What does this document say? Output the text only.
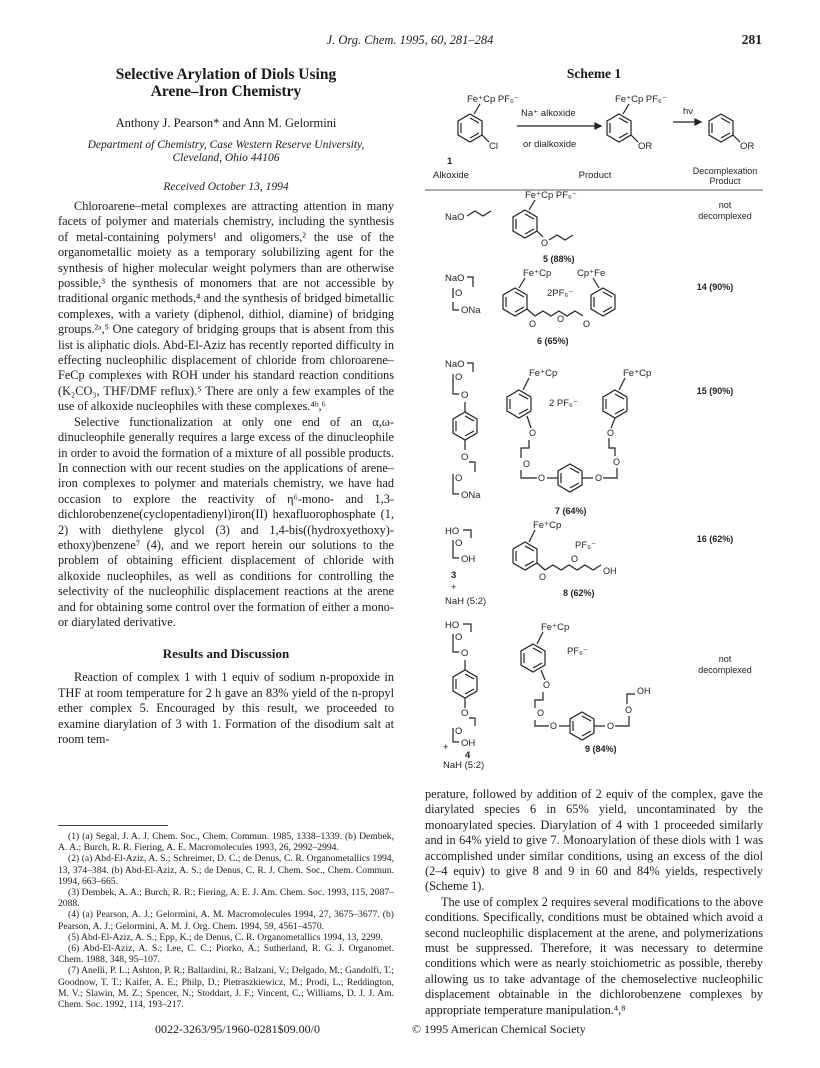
J. Org. Chem. 1995, 60, 281–284	281

Selective Arylation of Diols Using
Arene–Iron Chemistry

Anthony J. Pearson* and Ann M. Gelormini

Department of Chemistry, Case Western Reserve University,
Cleveland, Ohio 44106

Received October 13, 1994

Chloroarene–metal complexes are attracting attention in many facets of polymer and materials chemistry, including the synthesis of metal-containing polymers¹ and oligomers,² the use of the organometallic moiety as a temporary solubilizing agent for the synthesis of higher molecular weight polymers than are otherwise possible,³ the synthesis of monomers that are not accessible by traditional organic methods,⁴ and the synthesis of bridged bimetallic complexes, with a variety (diphenol, dithiol, diamine) of bridging groups.²ᵃ,⁵ One category of bridging groups that is absent from this list is aliphatic diols. Abd-El-Aziz has recently reported difficulty in effecting nucleophilic displacement of chloride from chloroarene–FeCp complexes with ROH under his standard reaction conditions (K₂CO₃, THF/DMF reflux).⁵ There are only a few examples of the use of alkoxide nucleophiles with these complexes.⁴ᵇ,⁶

Selective functionalization at only one end of an α,ω-dinucleophile generally requires a large excess of the dinucleophile in order to avoid the formation of a mixture of all possible products. In connection with our recent studies on the applications of arene–iron complexes to polymer and materials chemistry, we have had occasion to explore the reactivity of η⁶-mono- and 1,3-dichlorobenzene(cyclopentadienyl)iron(II) hexafluorophosphate (1, 2) with diethylene glycol (3) and 1,4-bis((hydroxyethoxy)-ethoxy)benzene⁷ (4), and we report herein our solutions to the problem of obtaining efficient displacement of chloride with alkoxide nucleophiles, as well as conditions for controlling the selectivity of the nucleophilic displacement reactions at the arene and for obtaining some control over the formation of either a mono- or diarylated derivative.

Results and Discussion

Reaction of complex 1 with 1 equiv of sodium n-propoxide in THF at room temperature for 2 h gave an 83% yield of the n-propyl ether complex 5. Encouraged by this result, we proceeded to examine diarylation of 3 with 1. Formation of the disodium salt at room tem-

(1) (a) Segal, J. A. J. Chem. Soc., Chem. Commun. 1985, 1338–1339. (b) Dembek, A. A.; Burch, R. R. Fiering, A. E. Macromolecules 1993, 26, 2992–2994.

(2) (a) Abd-El-Aziz, A. S.; Schreimer, D. C.; de Denus, C. R. Organometallics 1994, 13, 374–384. (b) Abd-El-Aziz, A. S.; de Denus, C. R. J. Chem. Soc., Chem. Commun. 1994, 663–665.

(3) Dembek, A. A.; Burch, R. R.; Fiering, A. E. J. Am. Chem. Soc. 1993, 115, 2087–2088.

(4) (a) Pearson, A. J.; Gelormini, A. M. Macromolecules 1994, 27, 3675–3677. (b) Pearson, A. J.; Gelormini, A. M. J. Org. Chem. 1994, 59, 4561–4570.

(5) Abd-El-Aziz, A. S.; Epp, K.; de Denus, C. R. Organometallics 1994, 13, 2299.

(6) Abd-El-Aziz, A. S.; Lee, C. C.; Piorko, A.; Sutherland, R. G. J. Organomet. Chem. 1988, 348, 95–107.

(7) Anelli, P. L.; Ashton, P. R.; Ballardini, R.; Balzani, V.; Delgado, M.; Gandolfi, T.; Goodnow, T. T.; Kaifer, A. E.; Philp, D.; Pietraszkiewicz, M.; Prodi, L.; Reddington, M. V.; Slawin, M. Z.; Spencer, N.; Stoddart, J. F.; Vincent, C.; Williams, D. J. J. Am. Chem. Soc. 1992, 114, 193–217.

0022-3263/95/1960-0281$09.00/0	© 1995 American Chemical Society

perature, followed by addition of 2 equiv of the complex, gave the diarylated species 6 in 65% yield, uncontaminated by the monoarylated species. Diarylation of 4 with 1 proceeded similarly and in 64% yield to give 7. Monoarylation of these diols with 1 was accomplished under similar conditions, using an excess of the diol (2–4 equiv) to give 8 and 9 in 60 and 84% yields, respectively (Scheme 1).

The use of complex 2 requires several modifications to the above conditions. Specifically, conditions must be obtained which avoid a second nucleophilic displacement at the arene, and polymerizations must be suppressed. Therefore, it was necessary to determine conditions which were as nearly stoichiometric as possible, thereby allowing us to take advantage of the chemoselective nucleophilic displacement obtainable in the dichlorobenzene complexes by appropriate temperature manipulation.⁴,⁸

Scheme 1

Fe⁺Cp PF₆⁻
Cl
1
Na⁺ alkoxide
or dialkoxide
Fe⁺Cp PF₆⁻
OR
hν
OR
Alkoxide	Product	Decomplexation
Product
NaO
Fe⁺Cp PF₆⁻
O
5 (88%)
not
decomplexed
NaO
O
ONa
Fe⁺Cp
O O O
Cp⁺Fe
2PF₆⁻
6 (65%)
14 (90%)
NaO
O
O
O
O
ONa
Fe⁺Cp
2 PF₆⁻
Fe⁺Cp
O
O
O	O
O
O
7 (64%)
15 (90%)
HO
O
OH
3
+
NaH (5:2)
Fe⁺Cp
PF₆⁻
O
O
OH
8 (62%)
16 (62%)
HO
O
O
O
O
OH
4
Fe⁺Cp
PF₆⁻
O
O
O	O
O
OH
9 (84%)
not
decomplexed
+
NaH (5:2)
